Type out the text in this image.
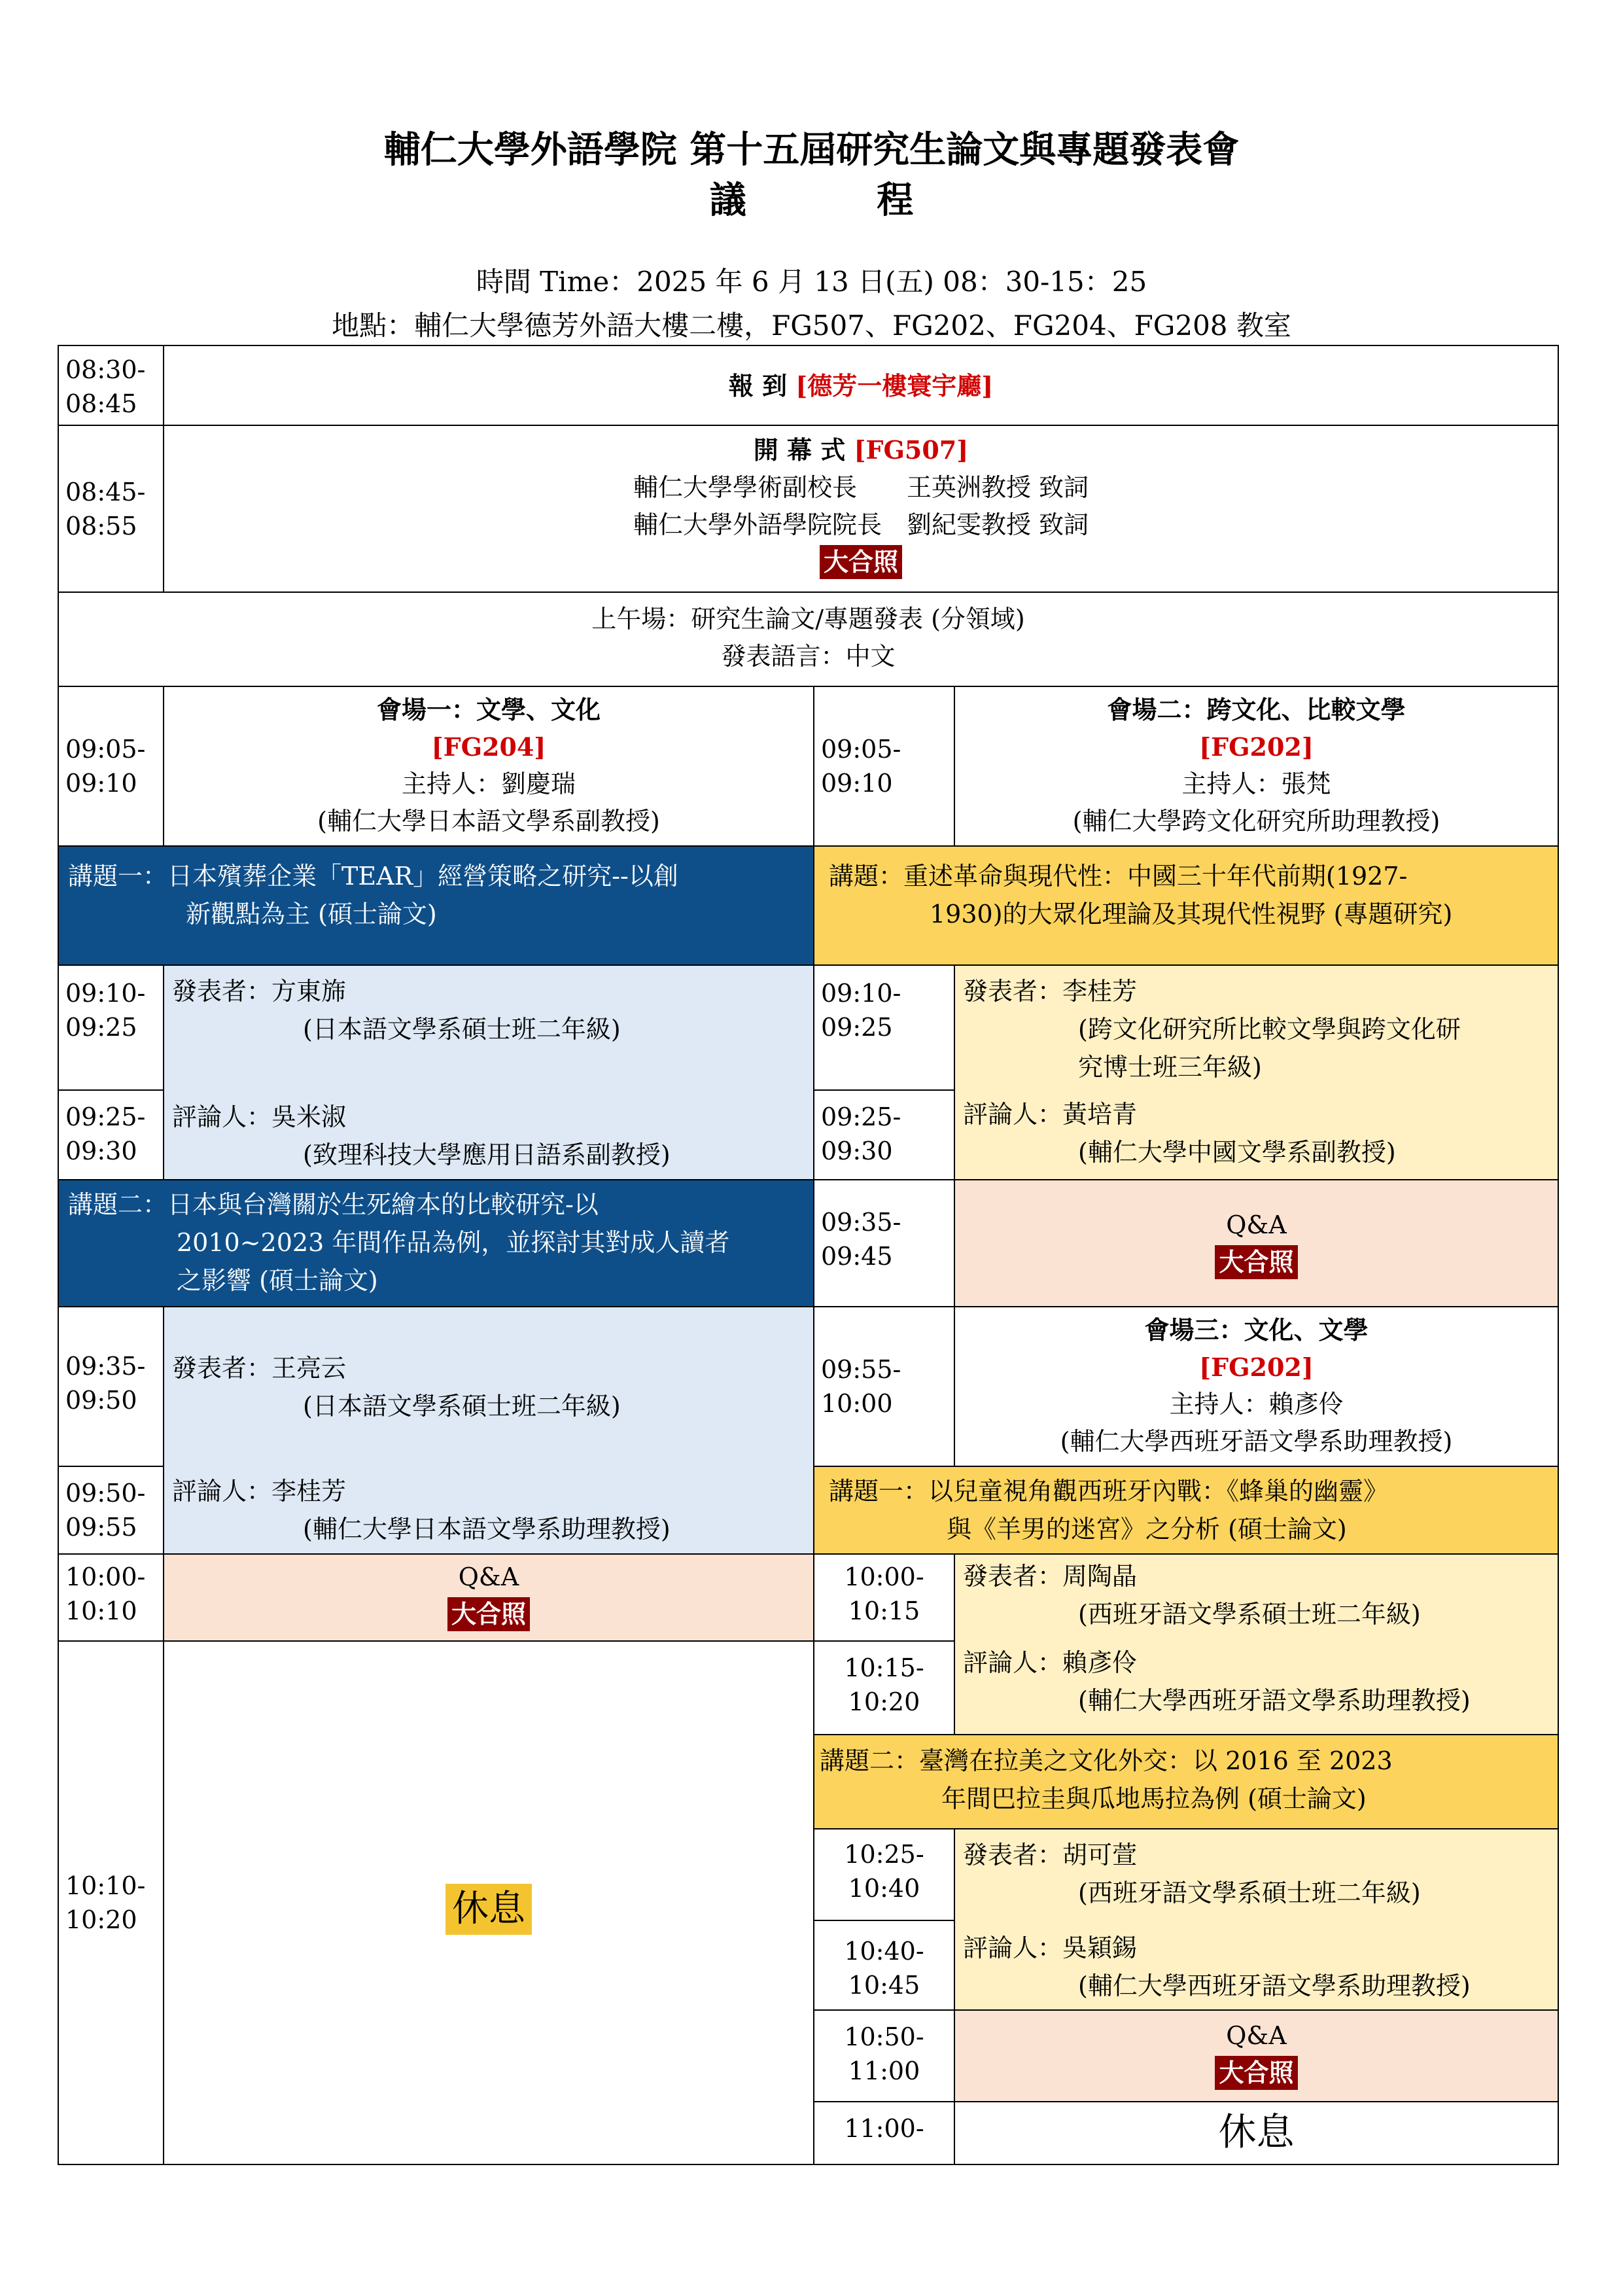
輔仁大學外語學院 第十五屆研究生論文與專題發表會
議 程
時間 Time：2025 年 6 月 13 日(五) 08：30-15：25
地點：輔仁大學德芳外語大樓二樓，FG507、FG202、FG204、FG208 教室
08:30-
08:45
報 到 [德芳一樓寰宇廳]
08:45-
08:55
開 幕 式 [FG507]
輔仁大學學術副校長　　王英洲教授 致詞
輔仁大學外語學院院長　劉紀雯教授 致詞
大合照
上午場：研究生論文/專題發表 (分領域)
發表語言：中文
09:05-
09:10
會場一：文學、文化
[FG204]
主持人：劉慶瑞
(輔仁大學日本語文學系副教授)
講題一：日本殯葬企業「TEAR」經營策略之研究--以創
新觀點為主 (碩士論文)
09:10-
09:25
09:25-
09:30
發表者：方東旆
(日本語文學系碩士班二年級)
評論人：吳米淑
(致理科技大學應用日語系副教授)
講題二：日本與台灣關於生死繪本的比較研究-以
2010~2023 年間作品為例，並探討其對成人讀者
之影響 (碩士論文)
09:35-
09:50
09:50-
09:55
發表者：王亮云
(日本語文學系碩士班二年級)
評論人：李桂芳
(輔仁大學日本語文學系助理教授)
10:00-
10:10
Q&A
大合照
10:10-
10:20	休息
09:05-
09:10
會場二：跨文化、比較文學
[FG202]
主持人：張梵
(輔仁大學跨文化研究所助理教授)
講題：重述革命與現代性：中國三十年代前期(1927-
1930)的大眾化理論及其現代性視野 (專題研究)
09:10-
09:25
09:25-
09:30
發表者：李桂芳
(跨文化研究所比較文學與跨文化研
究博士班三年級)
評論人：黃培青
(輔仁大學中國文學系副教授)
09:35-
09:45
Q&A
大合照
09:55-
10:00
會場三：文化、文學
[FG202]
主持人：賴彥伶
(輔仁大學西班牙語文學系助理教授)
講題一：以兒童視角觀西班牙內戰：《蜂巢的幽靈》
與《羊男的迷宮》之分析 (碩士論文)
10:00-
10:15
10:15-
10:20
發表者：周陶晶
(西班牙語文學系碩士班二年級)
評論人：賴彥伶
(輔仁大學西班牙語文學系助理教授)
講題二：臺灣在拉美之文化外交：以 2016 至 2023
年間巴拉圭與瓜地馬拉為例 (碩士論文)
10:25-
10:40
10:40-
10:45
發表者：胡可萱
(西班牙語文學系碩士班二年級)
評論人：吳穎錫
(輔仁大學西班牙語文學系助理教授)
10:50-
11:00
Q&A
大合照
11:00-	休息
